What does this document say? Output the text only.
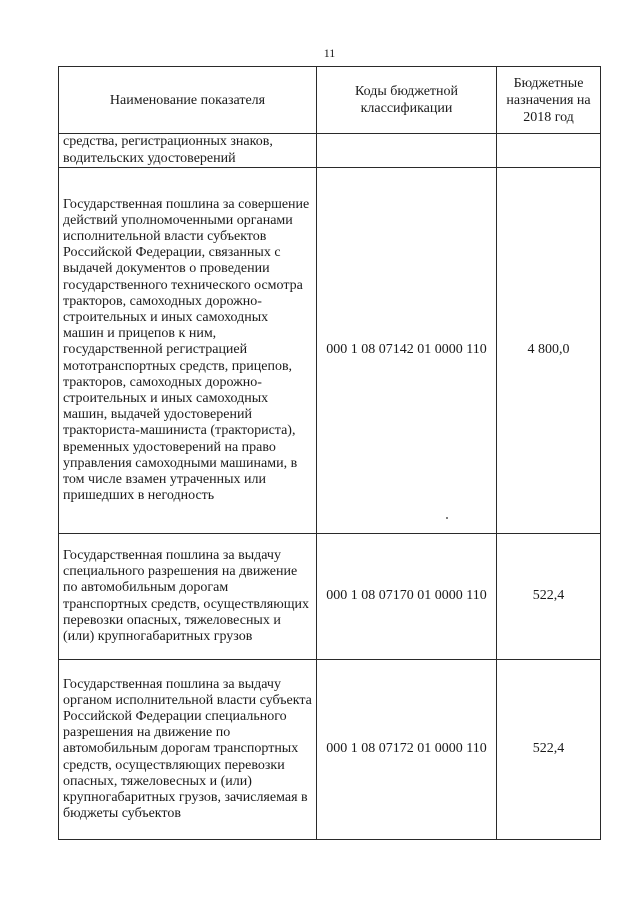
11
Наименование показателя	Коды бюджетной классификации	Бюджетные назначения на 2018 год
средства, регистрационных знаков, водительских удостоверений		
Государственная пошлина за совершение действий уполномоченными органами исполнительной власти субъектов Российской Федерации, связанных с выдачей документов о проведении государственного технического осмотра тракторов, самоходных дорожно-строительных и иных самоходных машин и прицепов к ним, государственной регистрацией мототранспортных средств, прицепов, тракторов, самоходных дорожно-строительных и иных самоходных машин, выдачей удостоверений тракториста-машиниста (тракториста), временных удостоверений на право управления самоходными машинами, в том числе взамен утраченных или пришедших в негодность	000 1 08 07142 01 0000 110	4 800,0
Государственная пошлина за выдачу специального разрешения на движение по автомобильным дорогам транспортных средств, осуществляющих перевозки опасных, тяжеловесных и (или) крупногабаритных грузов	000 1 08 07170 01 0000 110	522,4
Государственная пошлина за выдачу органом исполнительной власти субъекта Российской Федерации специального разрешения на движение по автомобильным дорогам транспортных средств, осуществляющих перевозки опасных, тяжеловесных и (или) крупногабаритных грузов, зачисляемая в бюджеты субъектов	000 1 08 07172 01 0000 110	522,4
